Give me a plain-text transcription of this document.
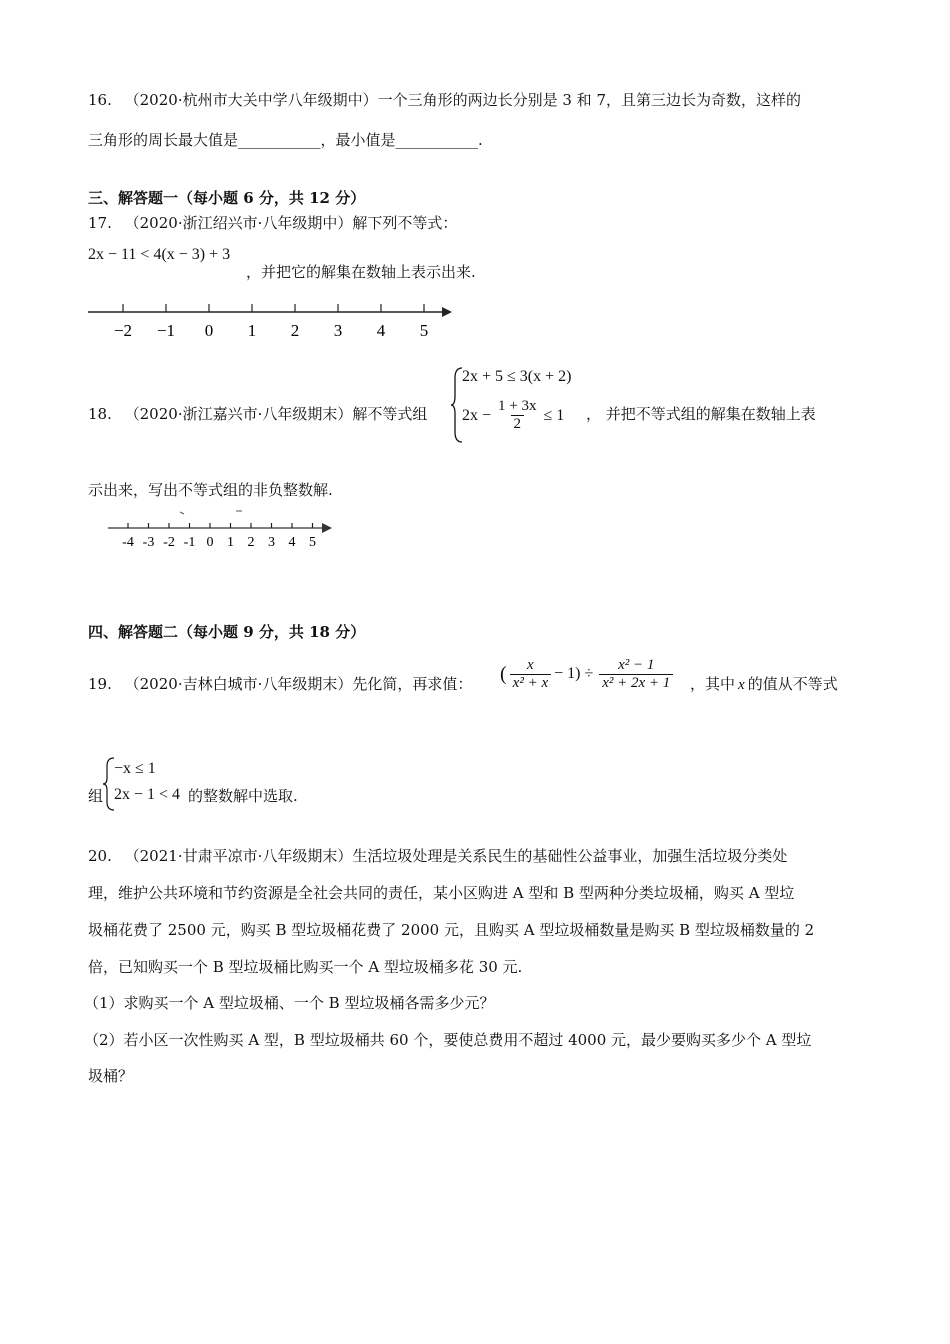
16. （2020·杭州市大关中学八年级期中）一个三角形的两边长分别是 3 和 7，且第三边长为奇数，这样的
三角形的周长最大值是___________，最小值是___________.
三、解答题一（每小题 6 分，共 12 分）
17. （2020·浙江绍兴市·八年级期中）解下列不等式：
2x − 11 < 4(x − 3) + 3
，并把它的解集在数轴上表示出来.
−2 −1 0 1 2 3 4 5
18. （2020·浙江嘉兴市·八年级期末）解不等式组
2x + 5 ≤ 3(x + 2)
$2x - \frac{1 + 3x}{2} \le 1$ ， 并把不等式组的解集在数轴上表
示出来，写出不等式组的非负整数解.
-4 -3 -2 -1 0 1 2 3 4 5
四、解答题二（每小题 9 分，共 18 分）
19. （2020·吉林白城市·八年级期末）先化简，再求值： ( $\frac{x}{\text{x² + x}} - 1) \div \frac{\text{x² − 1}}{\text{x² + 2x + 1}}$ ，其中 x 的值从不等式
组
−x ≤ 1
2x − 1 < 4 的整数解中选取.
20. （2021·甘肃平凉市·八年级期末）生活垃圾处理是关系民生的基础性公益事业，加强生活垃圾分类处
理，维护公共环境和节约资源是全社会共同的责任，某小区购进 A 型和 B 型两种分类垃圾桶，购买 A 型垃
圾桶花费了 2500 元，购买 B 型垃圾桶花费了 2000 元，且购买 A 型垃圾桶数量是购买 B 型垃圾桶数量的 2
倍，已知购买一个 B 型垃圾桶比购买一个 A 型垃圾桶多花 30 元.
（1）求购买一个 A 型垃圾桶、一个 B 型垃圾桶各需多少元？
（2）若小区一次性购买 A 型，B 型垃圾桶共 60 个，要使总费用不超过 4000 元，最少要购买多少个 A 型垃
圾桶？
